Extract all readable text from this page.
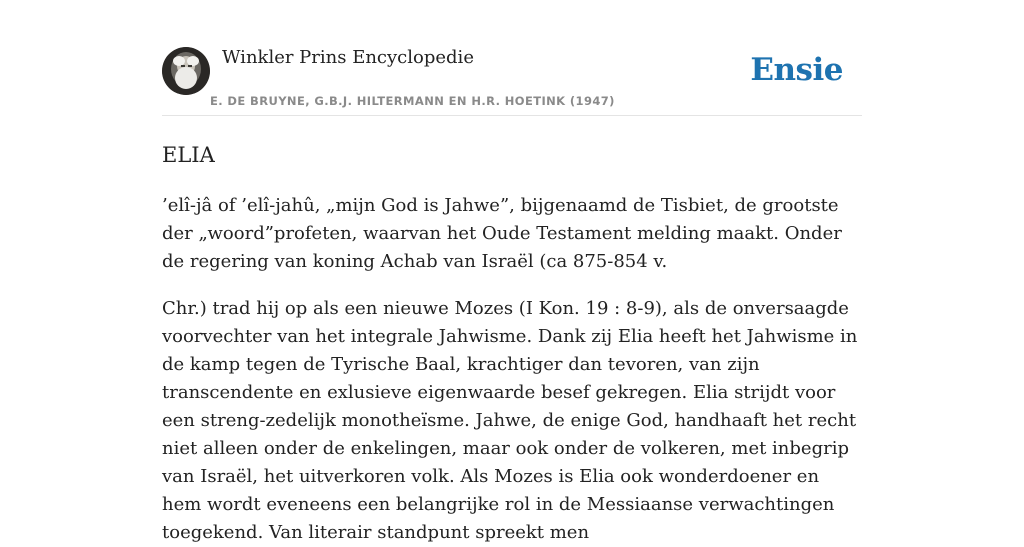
Winkler Prins Encyclopedie	Ensie
E. DE BRUYNE, G.B.J. HILTERMANN EN H.R. HOETINK (1947)
ELIA

’elî-jâ of ’elî-jahû, „mijn God is Jahwe”, bijgenaamd de Tisbiet, de grootste der „woord”profeten, waarvan het Oude Testament melding maakt. Onder de regering van koning Achab van Israël (ca 875-854 v.

Chr.) trad hij op als een nieuwe Mozes (I Kon. 19 : 8-9), als de onversaagde voorvechter van het integrale Jahwisme. Dank zij Elia heeft het Jahwisme in de kamp tegen de Tyrische Baal, krachtiger dan tevoren, van zijn transcendente en exlusieve eigenwaarde besef gekregen. Elia strijdt voor een streng-zedelijk monotheïsme. Jahwe, de enige God, handhaaft het recht niet alleen onder de enkelingen, maar ook onder de volkeren, met inbegrip van Israël, het uitverkoren volk. Als Mozes is Elia ook wonderdoener en hem wordt eveneens een belangrijke rol in de Messiaanse verwachtingen toegekend. Van literair standpunt spreekt men
